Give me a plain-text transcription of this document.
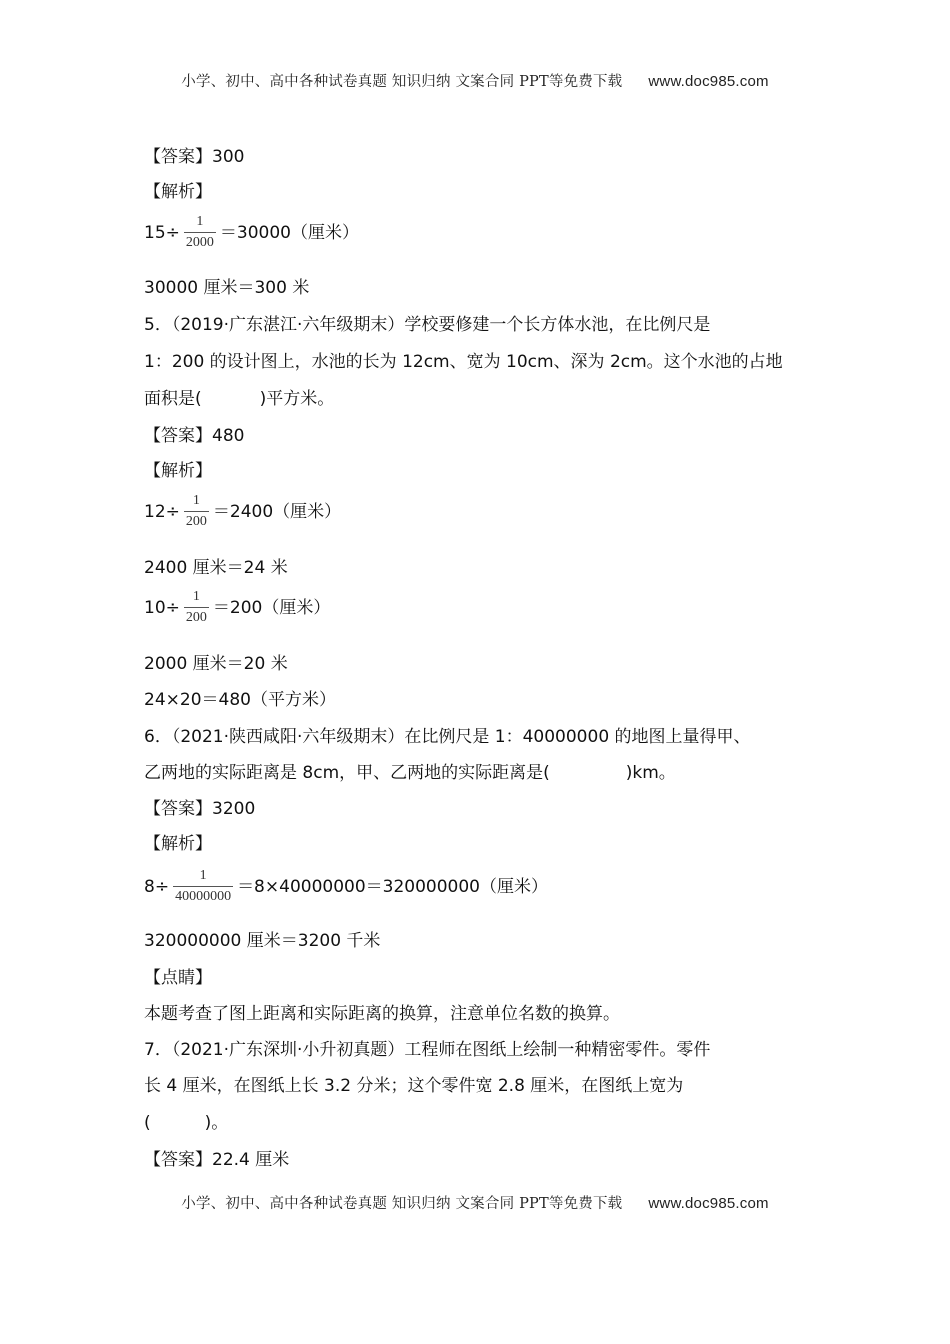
小学、初中、高中各种试卷真题 知识归纳 文案合同 PPT等免费下载 www.doc985.com
【答案】300
【解析】
$15\div \frac{1}{2000} =30000$（厘米）
30000 厘米＝300 米
5．（2019·广东湛江·六年级期末）学校要修建一个长方体水池，在比例尺是
1：200 的设计图上，水池的长为 12cm、宽为 10cm、深为 2cm。这个水池的占地
面积是(	)平方米。
【答案】480
【解析】
$12\div \frac{1}{200} =2400$（厘米）
2400 厘米＝24 米
$10\div \frac{1}{200} =200$（厘米）
2000 厘米＝20 米
24×20＝480（平方米）
6．（2021·陕西咸阳·六年级期末）在比例尺是 1：40000000 的地图上量得甲、
乙两地的实际距离是 8cm，甲、乙两地的实际距离是(	)km。
【答案】3200
【解析】
$8\div \frac{1}{40000000} =8\times 40000000=320000000$（厘米）
320000000 厘米＝3200 千米
【点睛】
本题考查了图上距离和实际距离的换算，注意单位名数的换算。
7．（2021·广东深圳·小升初真题）工程师在图纸上绘制一种精密零件。零件
长 4 厘米，在图纸上长 3.2 分米；这个零件宽 2.8 厘米，在图纸上宽为
(	)。
【答案】22.4 厘米
小学、初中、高中各种试卷真题 知识归纳 文案合同 PPT等免费下载 www.doc985.com
